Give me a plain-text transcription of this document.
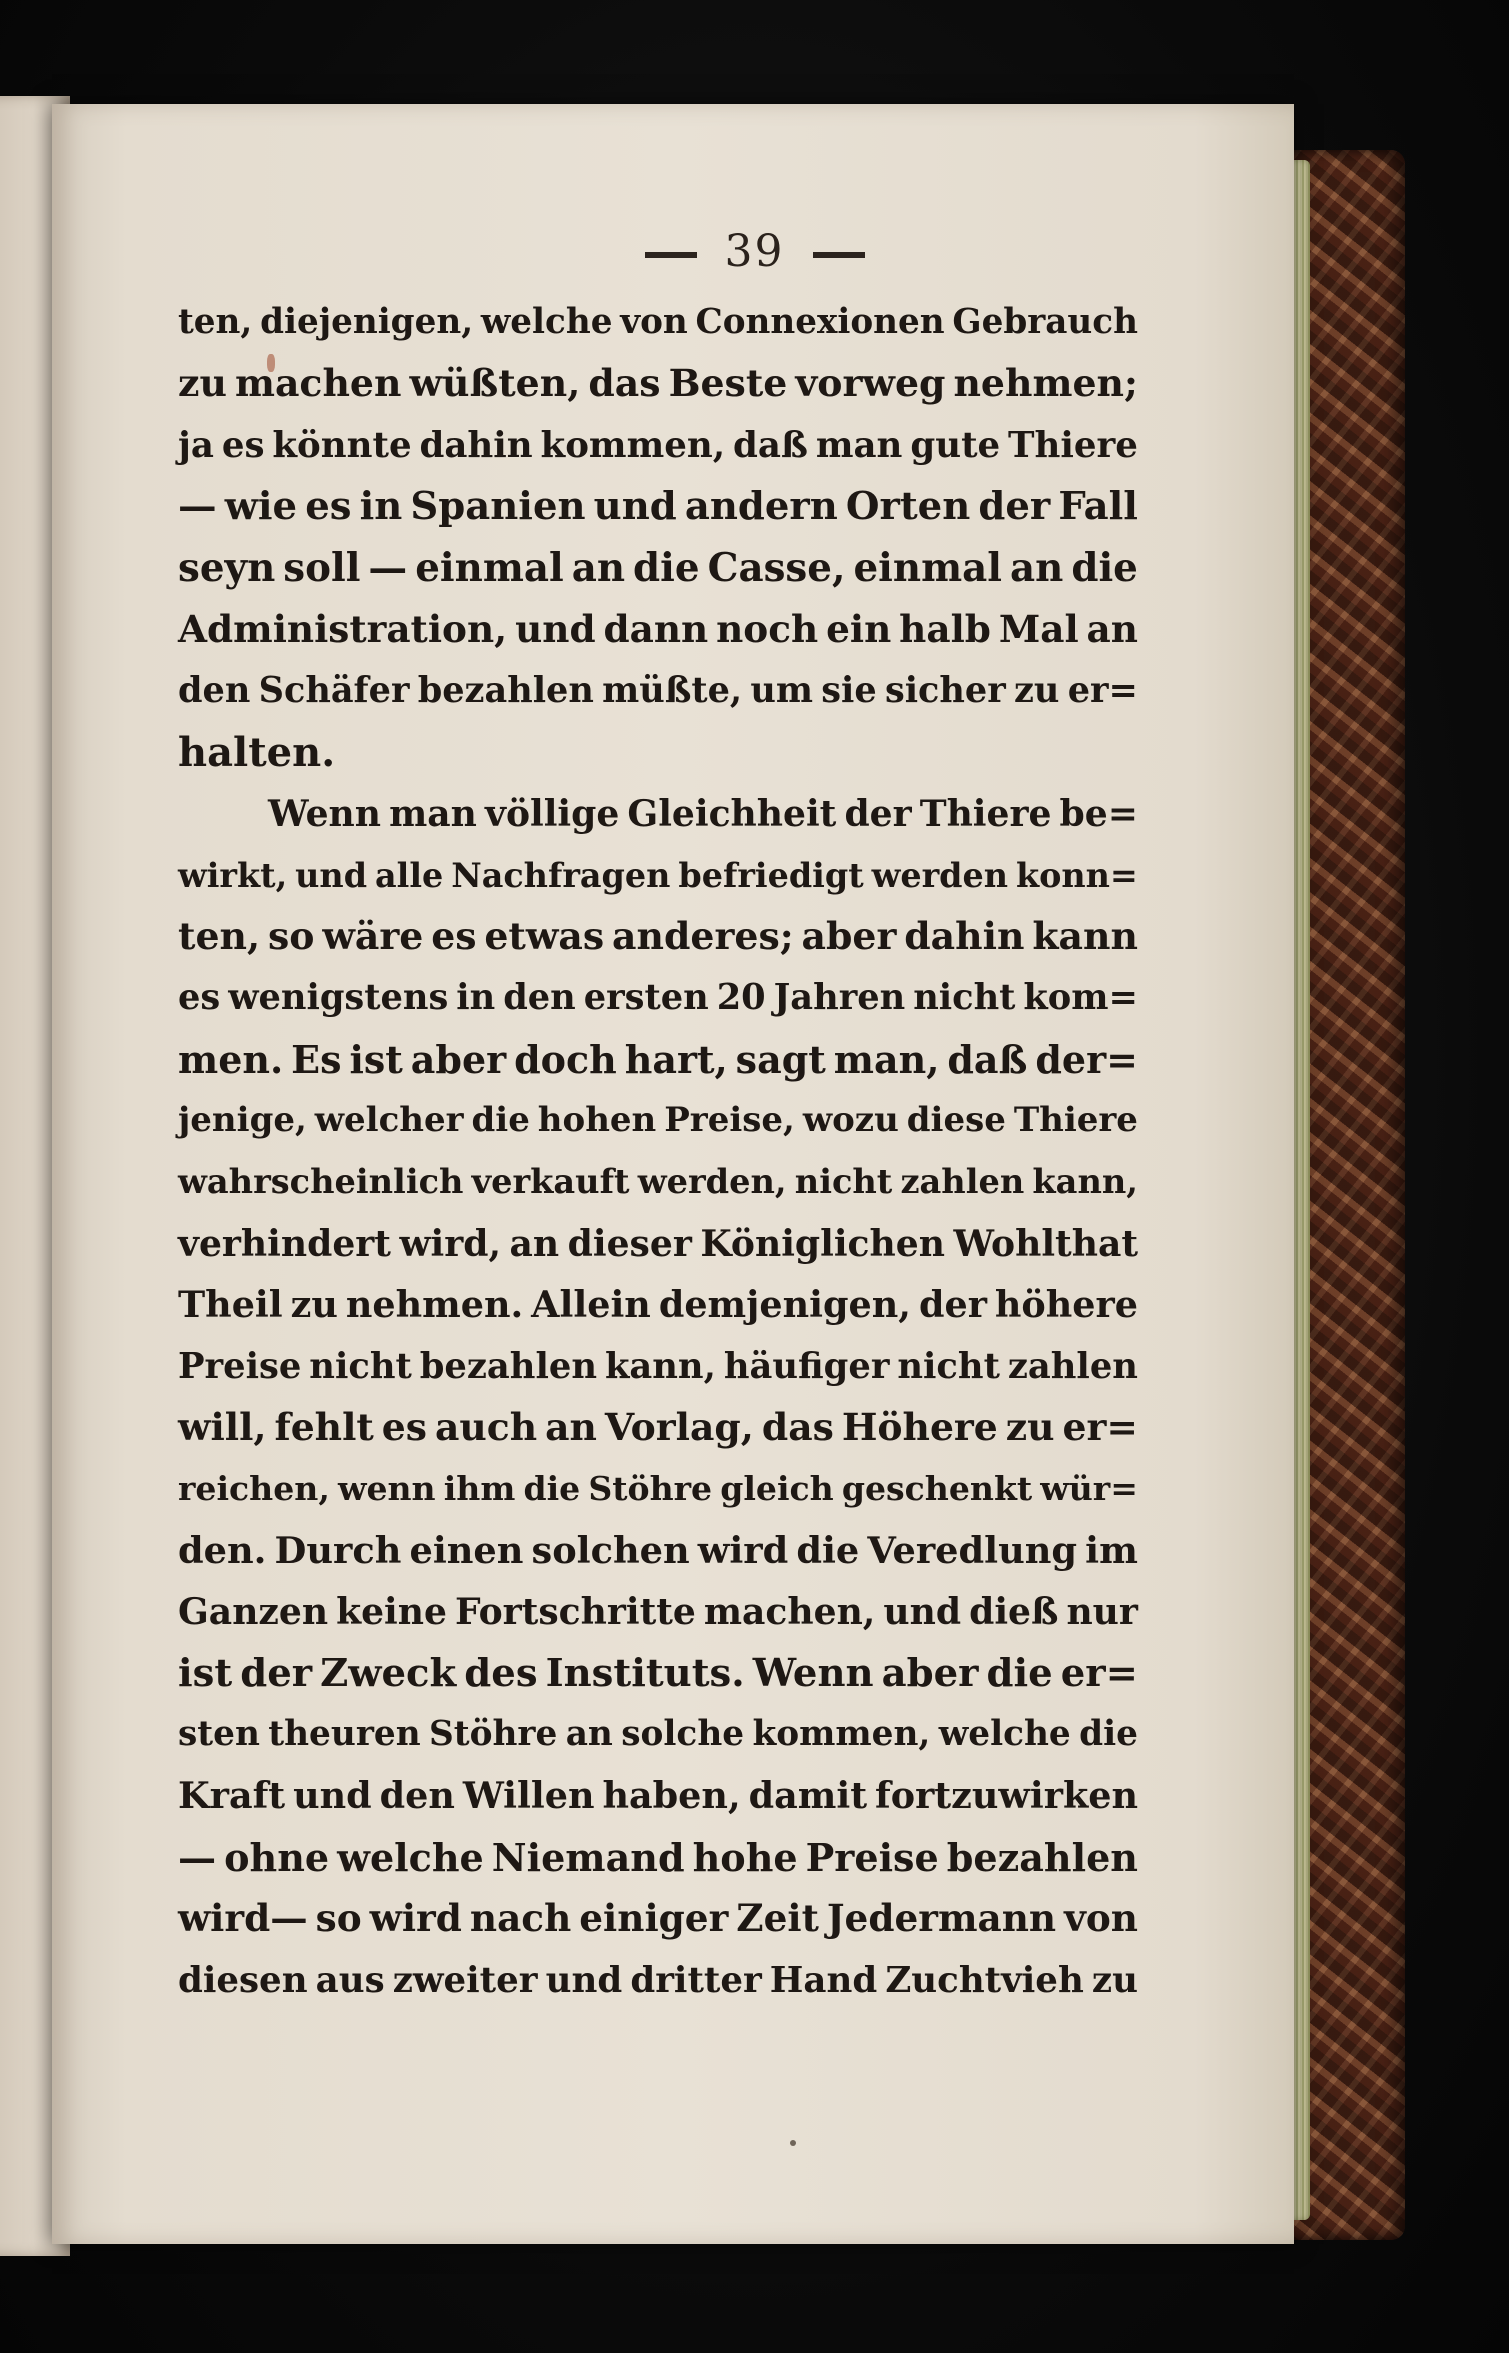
39
ten, diejenigen, welche von Connexionen Gebrauch
zu machen wüßten, das Beste vorweg nehmen;
ja es könnte dahin kommen, daß man gute Thiere
— wie es in Spanien und andern Orten der Fall
seyn soll — einmal an die Casse, einmal an die
Administration, und dann noch ein halb Mal an
den Schäfer bezahlen müßte, um sie sicher zu er=
halten.
Wenn man völlige Gleichheit der Thiere be=
wirkt, und alle Nachfragen befriedigt werden konn=
ten, so wäre es etwas anderes; aber dahin kann
es wenigstens in den ersten 20 Jahren nicht kom=
men. Es ist aber doch hart, sagt man, daß der=
jenige, welcher die hohen Preise, wozu diese Thiere
wahrscheinlich verkauft werden, nicht zahlen kann,
verhindert wird, an dieser Königlichen Wohlthat
Theil zu nehmen. Allein demjenigen, der höhere
Preise nicht bezahlen kann, häufiger nicht zahlen
will, fehlt es auch an Vorlag, das Höhere zu er=
reichen, wenn ihm die Stöhre gleich geschenkt wür=
den. Durch einen solchen wird die Veredlung im
Ganzen keine Fortschritte machen, und dieß nur
ist der Zweck des Instituts. Wenn aber die er=
sten theuren Stöhre an solche kommen, welche die
Kraft und den Willen haben, damit fortzuwirken
— ohne welche Niemand hohe Preise bezahlen
wird— so wird nach einiger Zeit Jedermann von
diesen aus zweiter und dritter Hand Zuchtvieh zu
